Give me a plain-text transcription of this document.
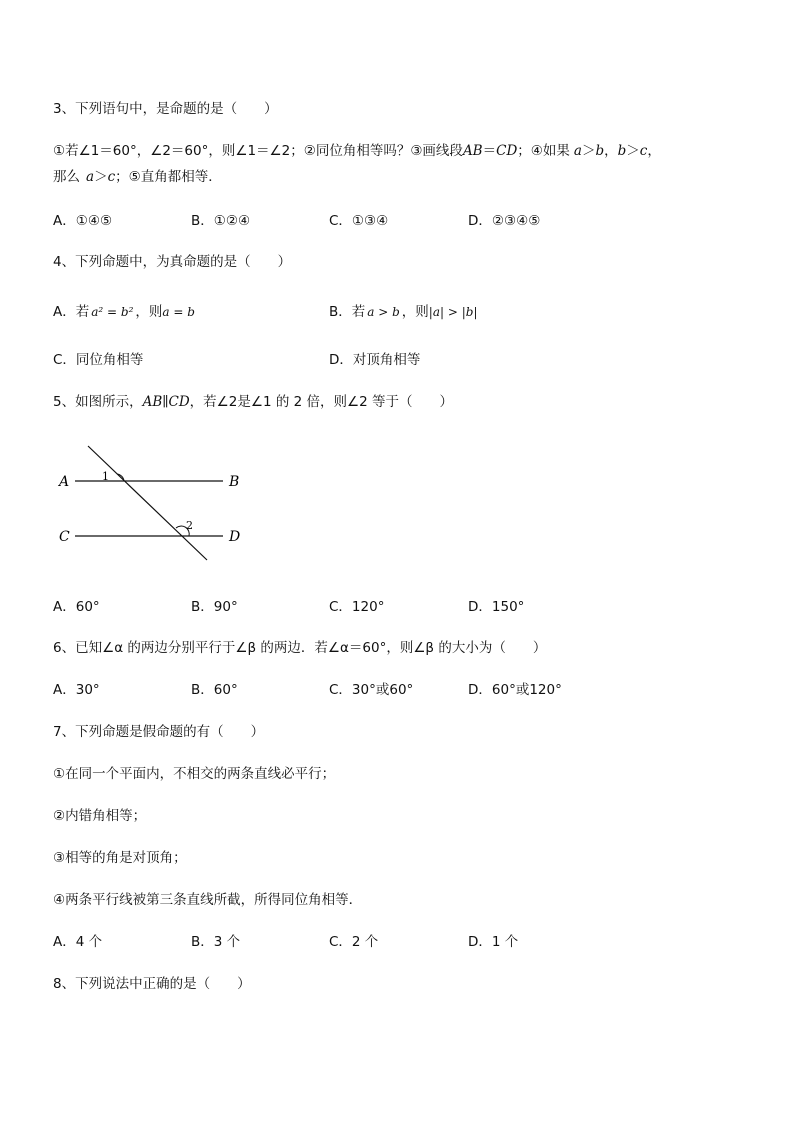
3、下列语句中，是命题的是（　　）
①若∠1＝60°，∠2＝60°，则∠1＝∠2；②同位角相等吗？③画线段AB＝CD；④如果 a＞b，b＞c，
那么 a＞c；⑤直角都相等．
A．①④⑤	B．①②④	C．①③④	D．②③④⑤
4、下列命题中，为真命题的是（　　）
A．若 a² = b² ，则a = b	B．若 a > b ，则|a| > |b|
C．同位角相等	D．对顶角相等
5、如图所示，AB∥CD，若∠2是∠1 的 2 倍，则∠2 等于（　　）
A	B
C	D
1
2
A．60°	B．90°	C．120°	D．150°
6、已知∠α 的两边分别平行于∠β 的两边．若∠α＝60°，则∠β 的大小为（　　）
A．30°	B．60°	C．30°或60°	D．60°或120°
7、下列命题是假命题的有（　　）
①在同一个平面内，不相交的两条直线必平行；
②内错角相等；
③相等的角是对顶角；
④两条平行线被第三条直线所截，所得同位角相等．
A．4 个	B．3 个	C．2 个	D．1 个
8、下列说法中正确的是（　　）
